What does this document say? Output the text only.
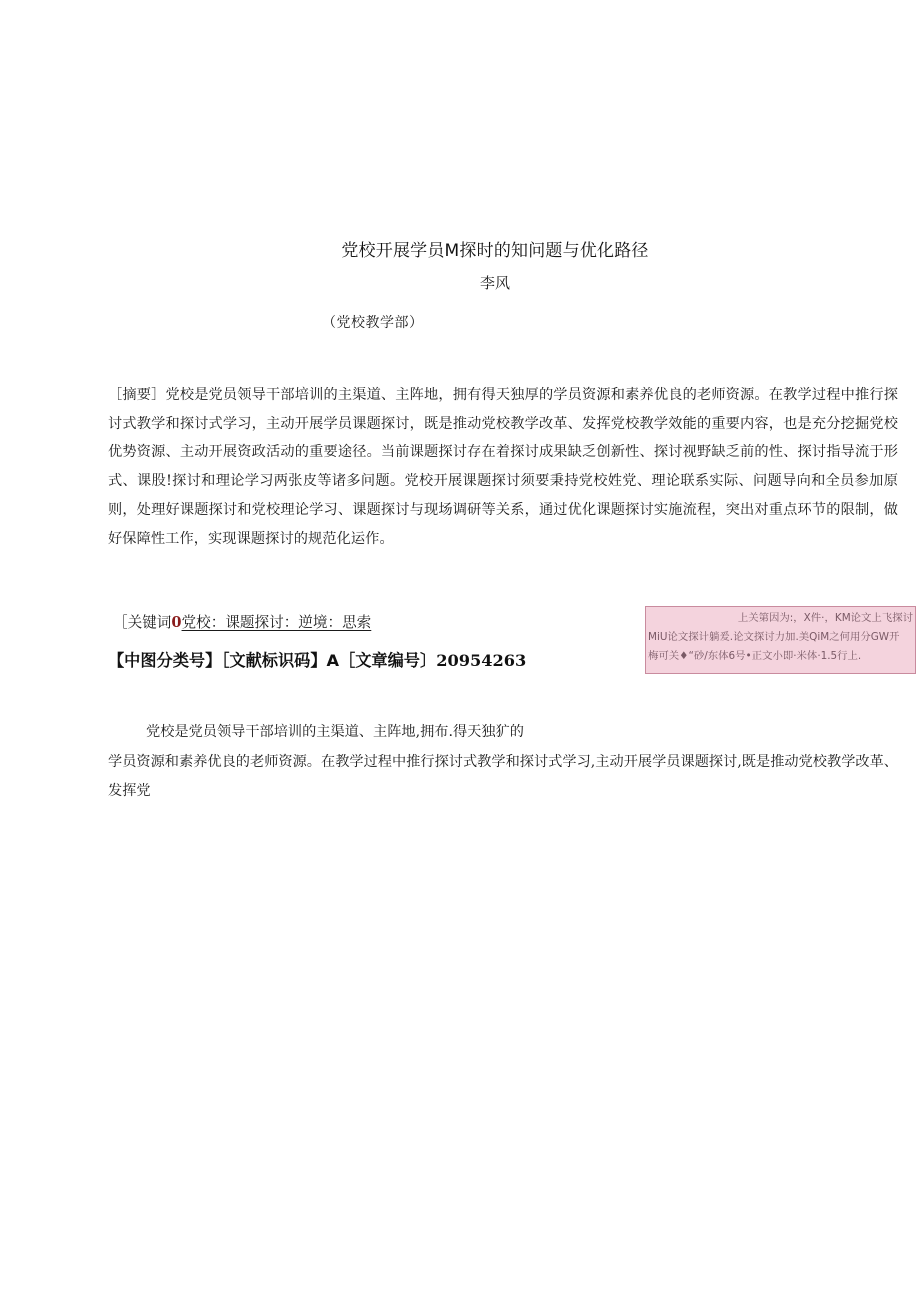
党校开展学员M探时的知问题与优化路径
李风
（党校教学部）
［摘要］党校是党员领导干部培训的主渠道、主阵地，拥有得天独厚的学员资源和素养优良的老师资源。在教学过程中推行探讨式教学和探讨式学习，主动开展学员课题探讨，既是推动党校教学改革、发挥党校教学效能的重要内容，也是充分挖掘党校优势资源、主动开展资政活动的重要途径。当前课题探讨存在着探讨成果缺乏创新性、探讨视野缺乏前的性、探讨指导流于形式、课股!探讨和理论学习两张皮等诸多问题。党校开展课题探讨须要秉持党校姓党、理论联系实际、问题导向和全员参加原则，处理好课题探讨和党校理论学习、课题探讨与现场调研等关系，通过优化课题探讨实施流程，突出对重点环节的限制，做好保障性工作，实现课题探讨的规范化运作。
［关键词0党校：课题探讨：逆境：思索
【中图分类号】［文献标识码】A［文章编号〕20954263
上关第因为:，X件·，KM论文上飞探讨
MiU论文探计躺爰.论文探讨力加.美QiM之何用分GW开
梅可关♦“砂/东体6号•正文小即·米体·1.5行上.
党校是党员领导干部培训的主渠道、主阵地,拥布.得天独犷的
学员资源和素养优良的老师资源。在教学过程中推行探讨式教学和探讨式学习,主动开展学员课题探讨,既是推动党校教学改革、发挥党
